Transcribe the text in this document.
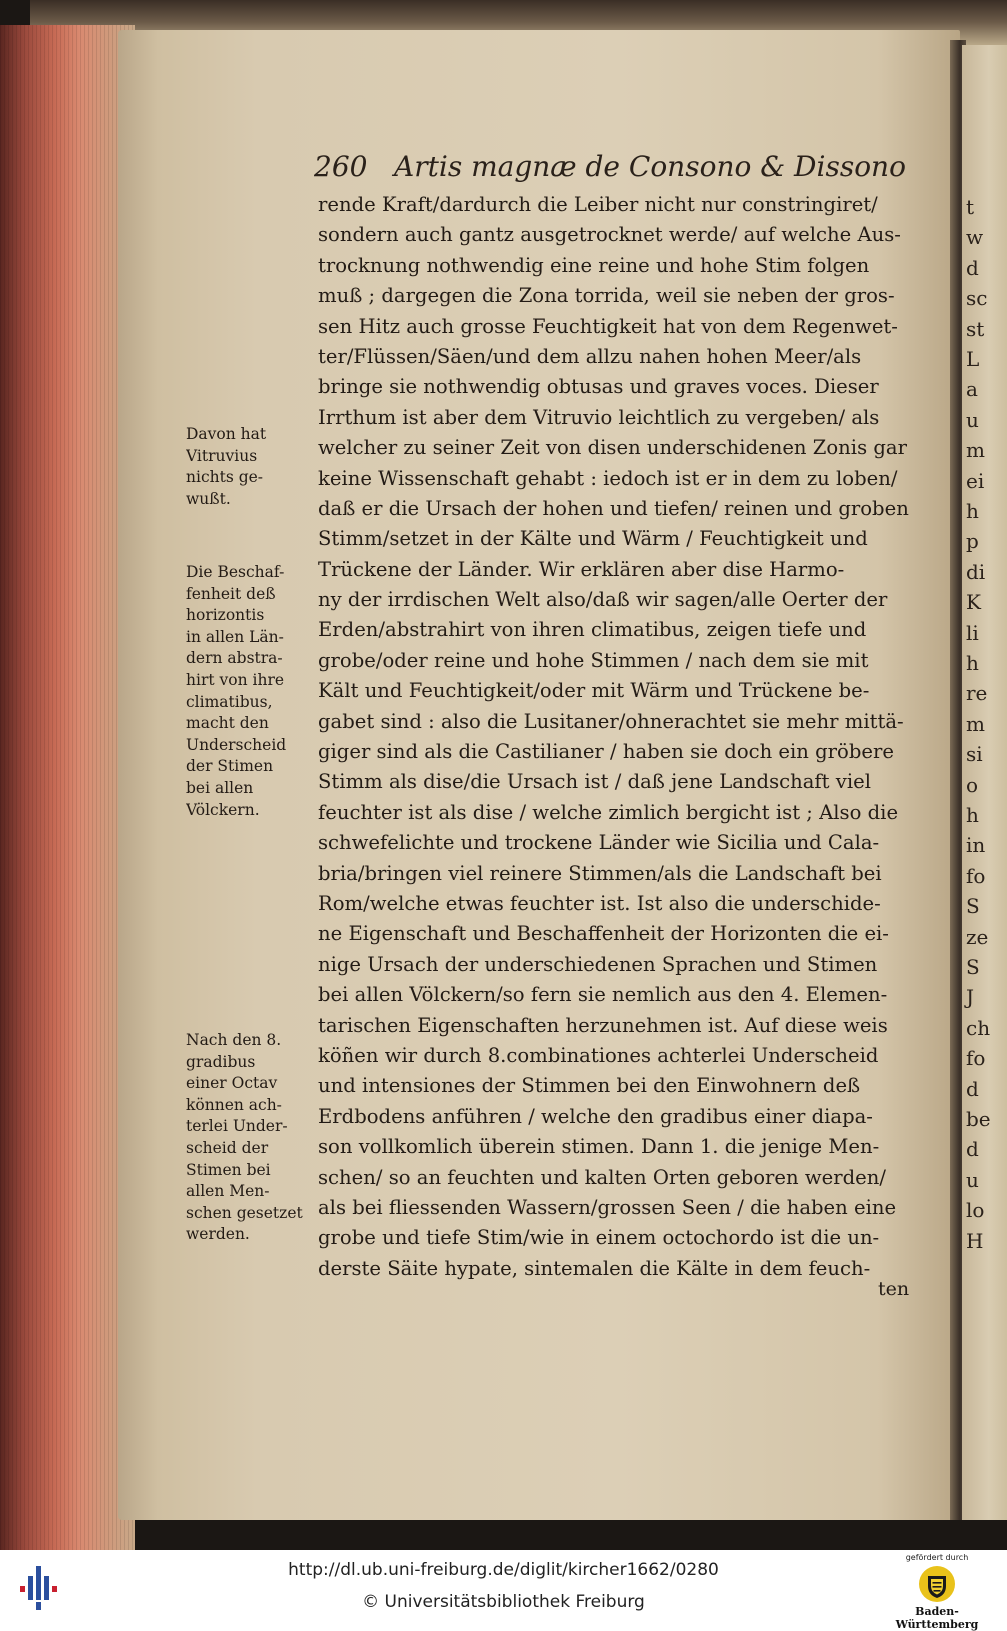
t
w
d
sc
st
L
a
u
m
ei
h
p
di
K
li
h
re
m
si
o
h
in
fo
S
ze
S
J
ch
fo
d
be
d
u
lo
H
260 Artis magnæ de Consono & Dissono
rende Kraft/dardurch die Leiber nicht nur constringiret/
sondern auch gantz ausgetrocknet werde/ auf welche Aus-
trocknung nothwendig eine reine und hohe Stim folgen
muß ; dargegen die Zona torrida, weil sie neben der gros-
sen Hitz auch grosse Feuchtigkeit hat von dem Regenwet-
ter/Flüssen/Säen/und dem allzu nahen hohen Meer/als
bringe sie nothwendig obtusas und graves voces. Dieser
Irrthum ist aber dem Vitruvio leichtlich zu vergeben/ als
welcher zu seiner Zeit von disen underschidenen Zonis gar
keine Wissenschaft gehabt : iedoch ist er in dem zu loben/
daß er die Ursach der hohen und tiefen/ reinen und groben
Stimm/setzet in der Kälte und Wärm / Feuchtigkeit und
Trückene der Länder. Wir erklären aber dise Harmo-
ny der irrdischen Welt also/daß wir sagen/alle Oerter der
Erden/abstrahirt von ihren climatibus, zeigen tiefe und
grobe/oder reine und hohe Stimmen / nach dem sie mit
Kält und Feuchtigkeit/oder mit Wärm und Trückene be-
gabet sind : also die Lusitaner/ohnerachtet sie mehr mittä-
giger sind als die Castilianer / haben sie doch ein gröbere
Stimm als dise/die Ursach ist / daß jene Landschaft viel
feuchter ist als dise / welche zimlich bergicht ist ; Also die
schwefelichte und trockene Länder wie Sicilia und Cala-
bria/bringen viel reinere Stimmen/als die Landschaft bei
Rom/welche etwas feuchter ist. Ist also die underschide-
ne Eigenschaft und Beschaffenheit der Horizonten die ei-
nige Ursach der underschiedenen Sprachen und Stimen
bei allen Völckern/so fern sie nemlich aus den 4. Elemen-
tarischen Eigenschaften herzunehmen ist. Auf diese weis
köñen wir durch 8.combinationes achterlei Underscheid
und intensiones der Stimmen bei den Einwohnern deß
Erdbodens anführen / welche den gradibus einer diapa-
son vollkomlich überein stimen. Dann 1. die jenige Men-
schen/ so an feuchten und kalten Orten geboren werden/
als bei fliessenden Wassern/grossen Seen / die haben eine
grobe und tiefe Stim/wie in einem octochordo ist die un-
derste Säite hypate, sintemalen die Kälte in dem feuch-
Davon hat
Vitruvius
nichts ge-
wußt.
Die Beschaf-
fenheit deß
horizontis
in allen Län-
dern abstra-
hirt von ihre
climatibus,
macht den
Underscheid
der Stimen
bei allen
Völckern.
Nach den 8.
gradibus
einer Octav
können ach-
terlei Under-
scheid der
Stimen bei
allen Men-
schen gesetzet
werden.
ten
http://dl.ub.uni-freiburg.de/diglit/kircher1662/0280
© Universitätsbibliothek Freiburg
gefördert durch
Baden-Württemberg
